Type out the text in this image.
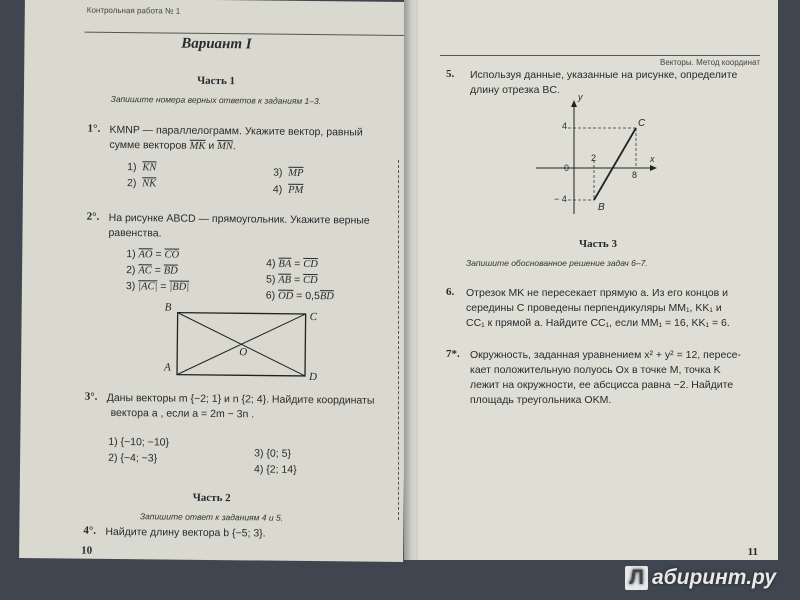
Контрольная работа № 1
Вариант I
Часть 1
Запишите номера верных ответов к заданиям 1–3.
1°. KMNP — параллелограмм. Укажите вектор, равный
сумме векторов $\overline{MK}$ и $\overline{MN}$.
1) $\overline{KN}$
2) $\overline{NK}$
3) $\overline{MP}$
4) $\overline{PM}$
2°. На рисунке ABCD — прямоугольник. Укажите верные
равенства.
1) $\overline{AO} = \overline{CO}$
2) $\overline{AC} = \overline{BD}$
3) |AC| = |BD|
4) $\overline{BA} = \overline{CD}$
5) $\overline{AB} = \overline{CD}$
6) $\overline{OD} = 0,5\overline{BD}$
B
C
A
D
O
3°. Даны векторы m {−2; 1} и n {2; 4}. Найдите координаты
вектора a , если a = 2m − 3n .
1) {−10; −10}
2) {−4; −3}	3) {0; 5}
4) {2; 14}
Часть 2
Запишите ответ к заданиям 4 и 5.
4°. Найдите длину вектора b {−5; 3}.
10
Векторы. Метод координат
5. Используя данные, указанные на рисунке, определите
длину отрезка BC.
y
x
C
B
0
4
− 4
2
8
Часть 3
Запишите обоснованное решение задач 6–7.
6. Отрезок MK не пересекает прямую a. Из его концов и
середины C проведены перпендикуляры MM₁, KK₁ и
CC₁ к прямой a. Найдите CC₁, если MM₁ = 16, KK₁ = 6.
7*. Окружность, заданная уравнением x² + y² = 12, пересе-
кает положительную полуось Ox в точке M, точка K
лежит на окружности, ее абсцисса равна −2. Найдите
площадь треугольника OKM.
11
Л абиринт.ру
